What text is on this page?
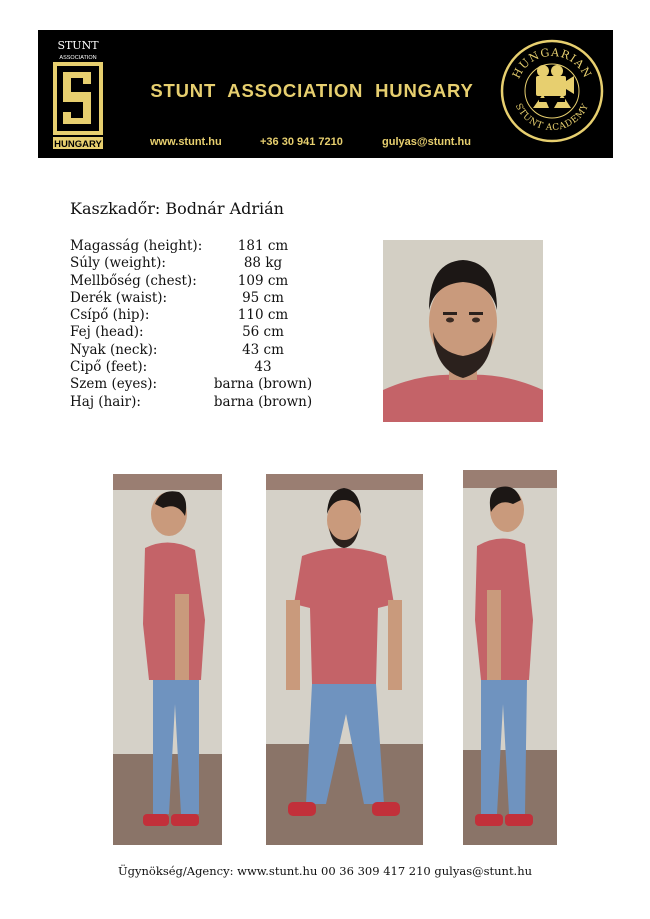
STUNT
ASSOCIATION
HUNGARY
STUNT ASSOCIATION HUNGARY
www.stunt.hu	+36 30 941 7210	gulyas@stunt.hu
HUNGARIAN
STUNT ACADEMY
Kaszkadőr: Bodnár Adrián
Magasság (height):	181 cm
Súly (weight):	88 kg
Mellbőség (chest):	109 cm
Derék (waist):	95 cm
Csípő (hip):	110 cm
Fej (head):	56 cm
Nyak (neck):	43 cm
Cipő (feet):	43
Szem (eyes):	barna (brown)
Haj (hair):	barna (brown)
Ügynökség/Agency: www.stunt.hu 00 36 309 417 210 gulyas@stunt.hu
